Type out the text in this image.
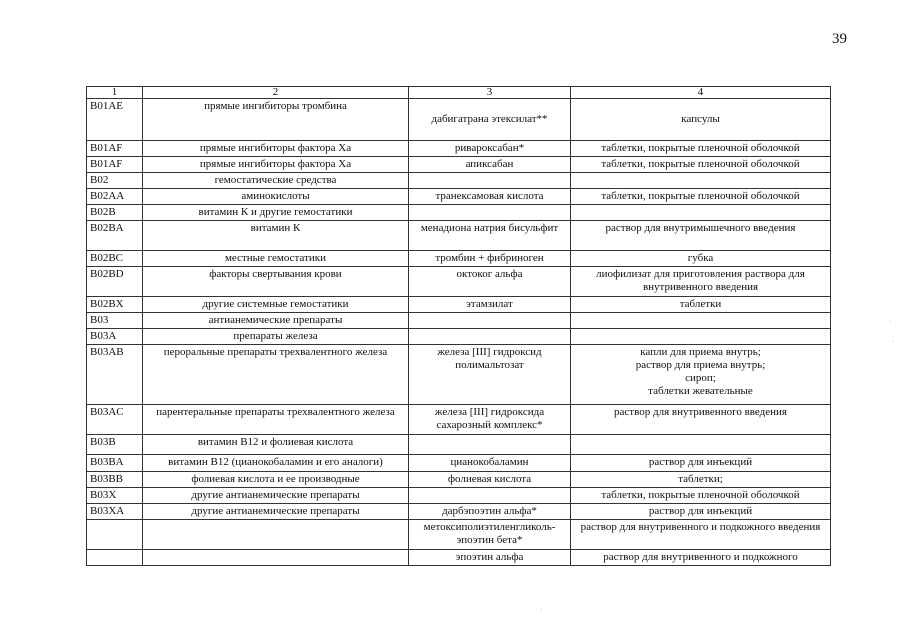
39
1	2	3	4
B01AE	прямые ингибиторы тромбина	дабигатрана этексилат**	капсулы
B01AF	прямые ингибиторы фактора Ха	ривароксабан*	таблетки, покрытые пленочной оболочкой
B01AF	прямые ингибиторы фактора Ха	апиксабан	таблетки, покрытые пленочной оболочкой
B02	гемостатические средства		
B02AA	аминокислоты	транексамовая кислота	таблетки, покрытые пленочной оболочкой
B02B	витамин К и другие гемостатики		
B02BA	витамин К	менадиона натрия бисульфит	раствор для внутримышечного введения
B02BC	местные гемостатики	тромбин + фибриноген	губка
B02BD	факторы свертывания крови	октоког альфа	лиофилизат для приготовления раствора для внутривенного введения
B02BX	другие системные гемостатики	этамзилат	таблетки
B03	антианемические препараты		
B03A	препараты железа		
B03AB	пероральные препараты трехвалентного железа	железа [III] гидроксид полимальтозат	капли для приема внутрь;
раствор для приема внутрь;
сироп;
таблетки жевательные
B03AC	парентеральные препараты трехвалентного железа	железа [III] гидроксида сахарозный комплекс*	раствор для внутривенного введения
B03B	витамин B12 и фолиевая кислота		
B03BA	витамин B12 (цианокобаламин и его аналоги)	цианокобаламин	раствор для инъекций
B03BB	фолиевая кислота и ее производные	фолиевая кислота	таблетки;
B03X	другие антианемические препараты		таблетки, покрытые пленочной оболочкой
B03XA	другие антианемические препараты	дарбэпоэтин альфа*	раствор для инъекций
		метоксиполиэтиленгликоль-эпоэтин бета*	раствор для внутривенного и подкожного введения
		эпоэтин альфа	раствор для внутривенного и подкожного
·
·
·
